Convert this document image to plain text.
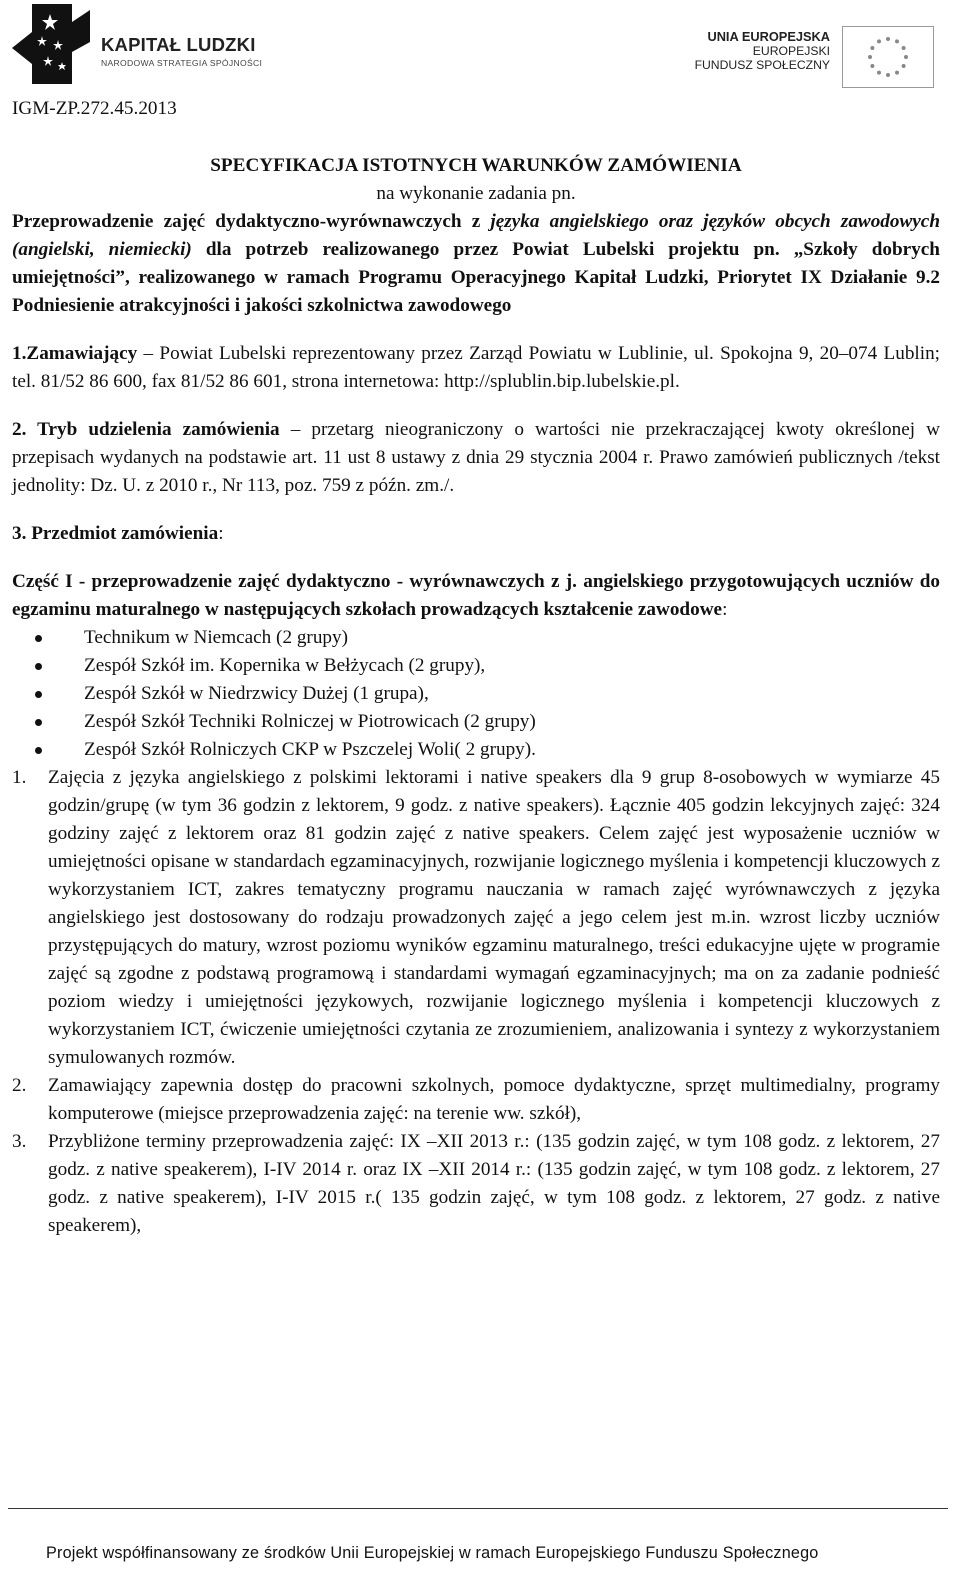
KAPITAŁ LUDZKI
NARODOWA STRATEGIA SPÓJNOŚCI
UNIA EUROPEJSKA
EUROPEJSKI
FUNDUSZ SPOŁECZNY
IGM-ZP.272.45.2013

SPECYFIKACJA ISTOTNYCH WARUNKÓW ZAMÓWIENIA

na wykonanie zadania pn.

Przeprowadzenie zajęć dydaktyczno-wyrównawczych z języka angielskiego oraz języków obcych zawodowych (angielski, niemiecki) dla potrzeb realizowanego przez Powiat Lubelski projektu pn. „Szkoły dobrych umiejętności”, realizowanego w ramach Programu Operacyjnego Kapitał Ludzki, Priorytet IX Działanie 9.2 Podniesienie atrakcyjności i jakości szkolnictwa zawodowego

1.Zamawiający – Powiat Lubelski reprezentowany przez Zarząd Powiatu w Lublinie, ul. Spokojna 9, 20–074 Lublin; tel. 81/52 86 600, fax 81/52 86 601, strona internetowa: http://splublin.bip.lubelskie.pl.

2. Tryb udzielenia zamówienia – przetarg nieograniczony o wartości nie przekraczającej kwoty określonej w przepisach wydanych na podstawie art. 11 ust 8 ustawy z dnia 29 stycznia 2004 r. Prawo zamówień publicznych /tekst jednolity: Dz. U. z 2010 r., Nr 113, poz. 759 z późn. zm./.

3. Przedmiot zamówienia:

Część I - przeprowadzenie zajęć dydaktyczno - wyrównawczych z j. angielskiego przygotowujących uczniów do egzaminu maturalnego w następujących szkołach prowadzących kształcenie zawodowe:

Technikum w Niemcach (2 grupy)
Zespół Szkół im. Kopernika w Bełżycach (2 grupy),
Zespół Szkół w Niedrzwicy Dużej (1 grupa),
Zespół Szkół Techniki Rolniczej w Piotrowicach (2 grupy)
Zespół Szkół Rolniczych CKP w Pszczelej Woli( 2 grupy).
1. Zajęcia z języka angielskiego z polskimi lektorami i native speakers dla 9 grup 8-osobowych w wymiarze 45 godzin/grupę (w tym 36 godzin z lektorem, 9 godz. z native speakers). Łącznie 405 godzin lekcyjnych zajęć: 324 godziny zajęć z lektorem oraz 81 godzin zajęć z native speakers. Celem zajęć jest wyposażenie uczniów w umiejętności opisane w standardach egzaminacyjnych, rozwijanie logicznego myślenia i kompetencji kluczowych z wykorzystaniem ICT, zakres tematyczny programu nauczania w ramach zajęć wyrównawczych z języka angielskiego jest dostosowany do rodzaju prowadzonych zajęć a jego celem jest m.in. wzrost liczby uczniów przystępujących do matury, wzrost poziomu wyników egzaminu maturalnego, treści edukacyjne ujęte w programie zajęć są zgodne z podstawą programową i standardami wymagań egzaminacyjnych; ma on za zadanie podnieść poziom wiedzy i umiejętności językowych, rozwijanie logicznego myślenia i kompetencji kluczowych z wykorzystaniem ICT, ćwiczenie umiejętności czytania ze zrozumieniem, analizowania i syntezy z wykorzystaniem symulowanych rozmów.
2. Zamawiający zapewnia dostęp do pracowni szkolnych, pomoce dydaktyczne, sprzęt multimedialny, programy komputerowe (miejsce przeprowadzenia zajęć: na terenie ww. szkół),
3. Przybliżone terminy przeprowadzenia zajęć: IX –XII 2013 r.: (135 godzin zajęć, w tym 108 godz. z lektorem, 27 godz. z native speakerem), I-IV 2014 r. oraz IX –XII 2014 r.: (135 godzin zajęć, w tym 108 godz. z lektorem, 27 godz. z native speakerem), I-IV 2015 r.( 135 godzin zajęć, w tym 108 godz. z lektorem, 27 godz. z native speakerem),
Projekt współfinansowany ze środków Unii Europejskiej w ramach Europejskiego Funduszu Społecznego
